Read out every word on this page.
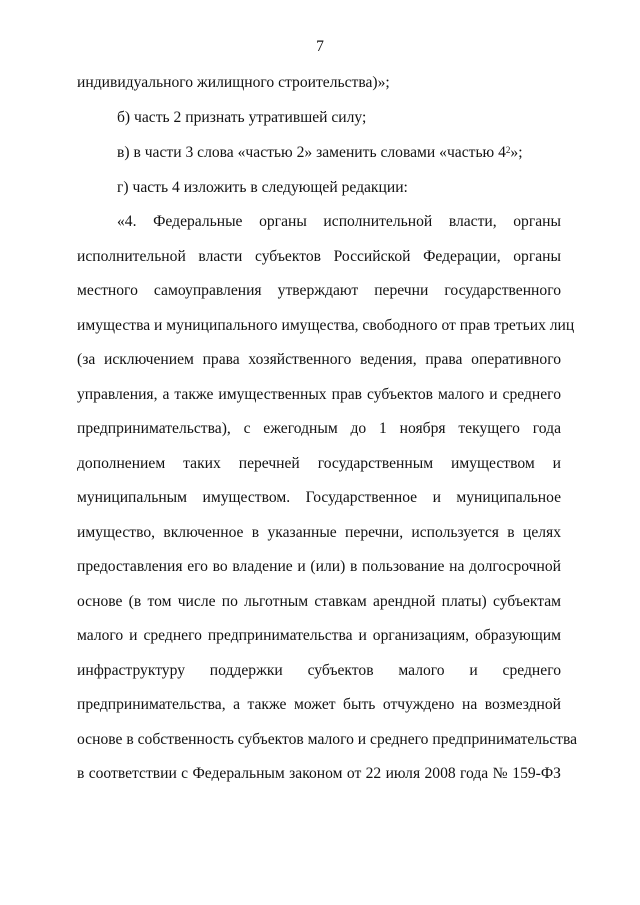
7
индивидуального жилищного строительства)»;
б) часть 2 признать утратившей силу;
в) в части 3 слова «частью 2» заменить словами «частью $4^2$»;
г) часть 4 изложить в следующей редакции:
«4. Федеральные органы исполнительной власти, органы
исполнительной власти субъектов Российской Федерации, органы
местного самоуправления утверждают перечни государственного
имущества и муниципального имущества, свободного от прав третьих лиц
(за исключением права хозяйственного ведения, права оперативного
управления, а также имущественных прав субъектов малого и среднего
предпринимательства), с ежегодным до 1 ноября текущего года
дополнением таких перечней государственным имуществом и
муниципальным имуществом. Государственное и муниципальное
имущество, включенное в указанные перечни, используется в целях
предоставления его во владение и (или) в пользование на долгосрочной
основе (в том числе по льготным ставкам арендной платы) субъектам
малого и среднего предпринимательства и организациям, образующим
инфраструктуру поддержки субъектов малого и среднего
предпринимательства, а также может быть отчуждено на возмездной
основе в собственность субъектов малого и среднего предпринимательства
в соответствии с Федеральным законом от 22 июля 2008 года № 159-ФЗ
